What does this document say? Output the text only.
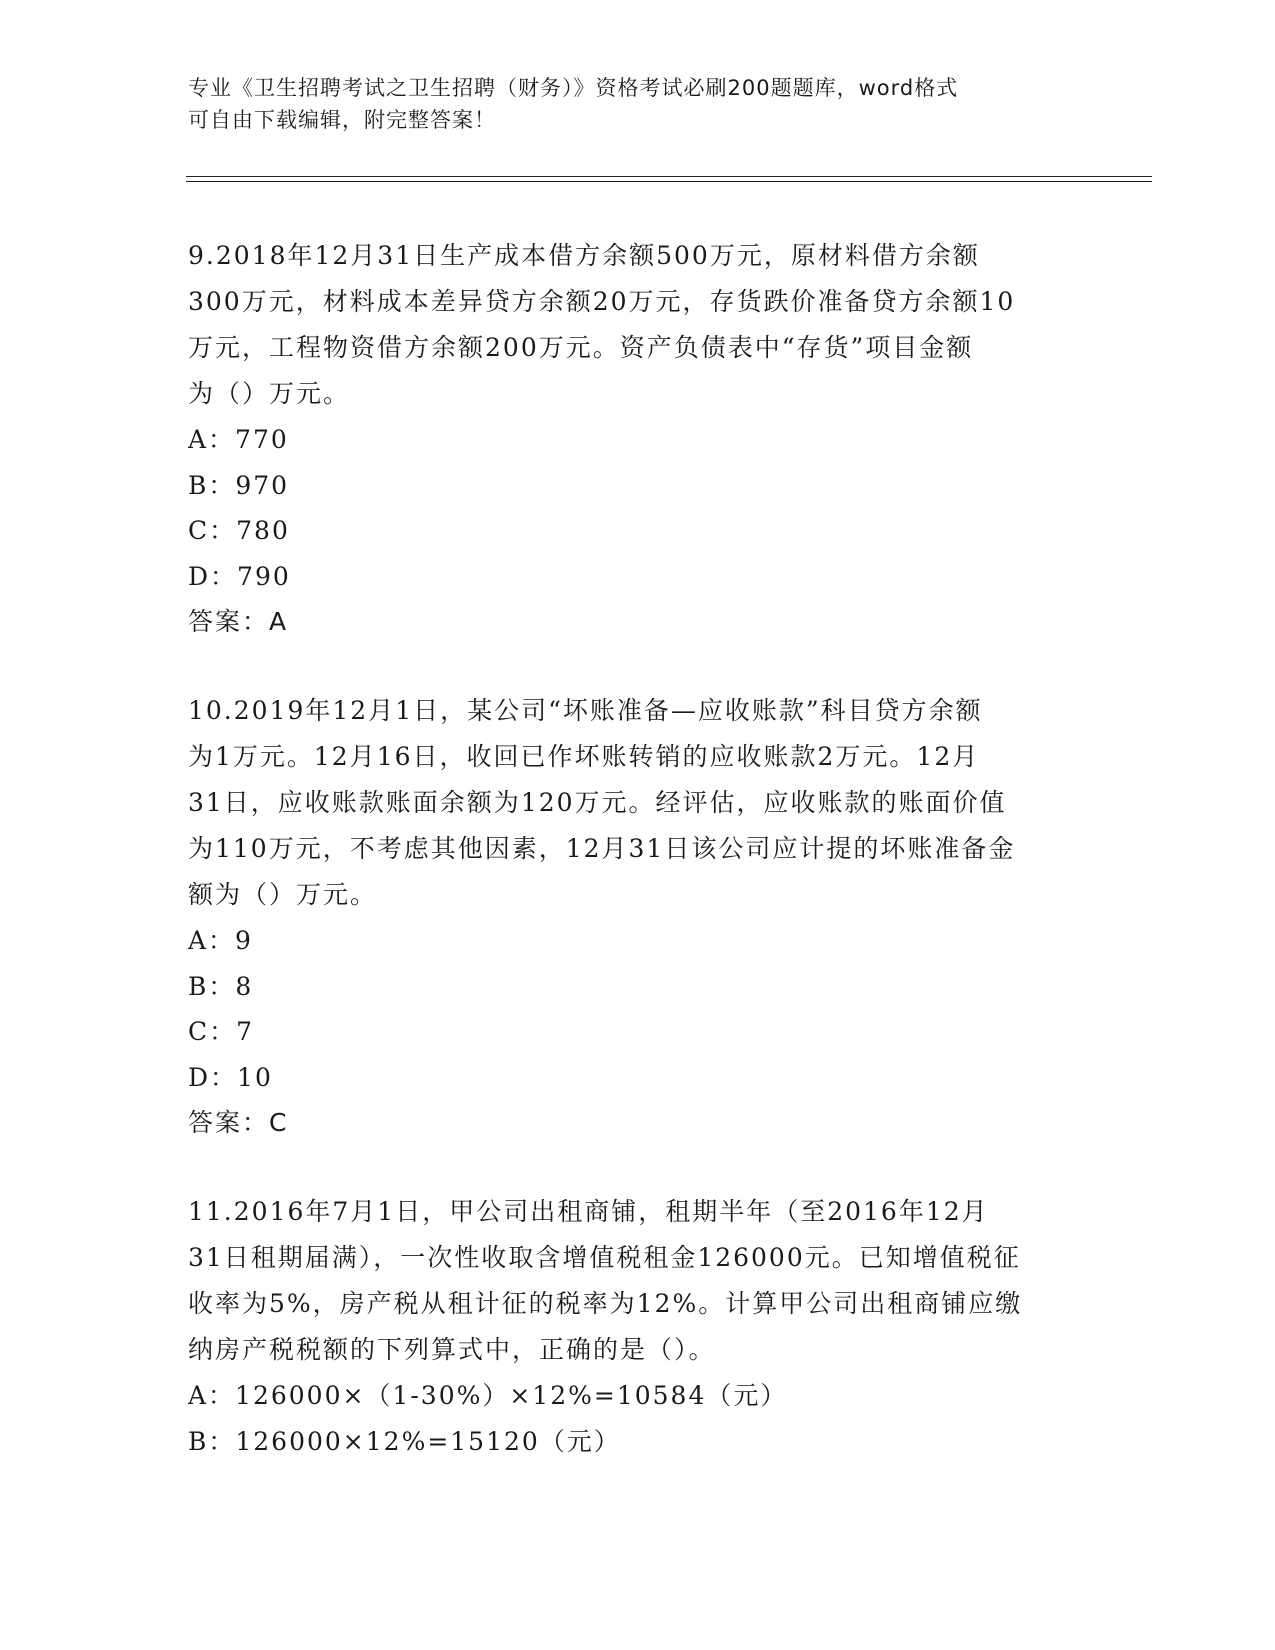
专业《卫生招聘考试之卫生招聘（财务）》资格考试必刷200题题库，word格式
可自由下载编辑，附完整答案！
9.2018年12月31日生产成本借方余额500万元，原材料借方余额
300万元，材料成本差异贷方余额20万元，存货跌价准备贷方余额10
万元，工程物资借方余额200万元。资产负债表中“存货”项目金额
为（）万元。
A：770
B：970
C：780
D：790
答案：A
10.2019年12月1日，某公司“坏账准备—应收账款”科目贷方余额
为1万元。12月16日，收回已作坏账转销的应收账款2万元。12月
31日，应收账款账面余额为120万元。经评估，应收账款的账面价值
为110万元，不考虑其他因素，12月31日该公司应计提的坏账准备金
额为（）万元。
A：9
B：8
C：7
D：10
答案：C
11.2016年7月1日，甲公司出租商铺，租期半年（至2016年12月
31日租期届满），一次性收取含增值税租金126000元。已知增值税征
收率为5%，房产税从租计征的税率为12%。计算甲公司出租商铺应缴
纳房产税税额的下列算式中，正确的是（）。
A：126000×（1-30%）×12%=10584（元）
B：126000×12%=15120（元）
